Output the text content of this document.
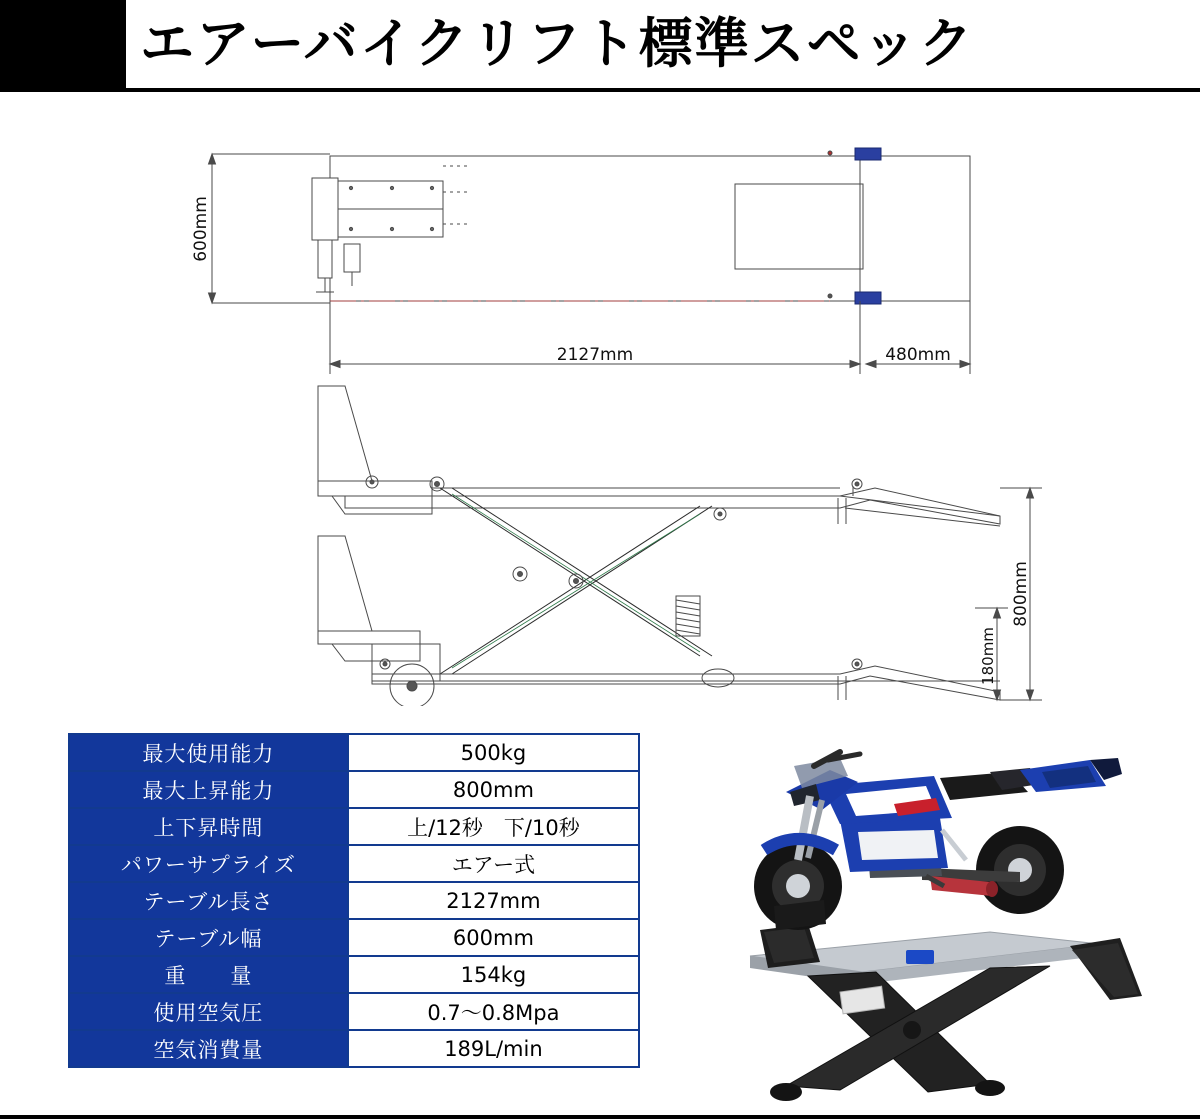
エアーバイクリフト標準スペック
600mm
2127mm	480mm
800mm
180mm
最大使用能力	500kg
最大上昇能力	800mm
上下昇時間	上/12秒　下/10秒
パワーサプライズ	エアー式
テーブル長さ	2127mm
テーブル幅	600mm
重　　量	154kg
使用空気圧	0.7〜0.8Mpa
空気消費量	189L/min
